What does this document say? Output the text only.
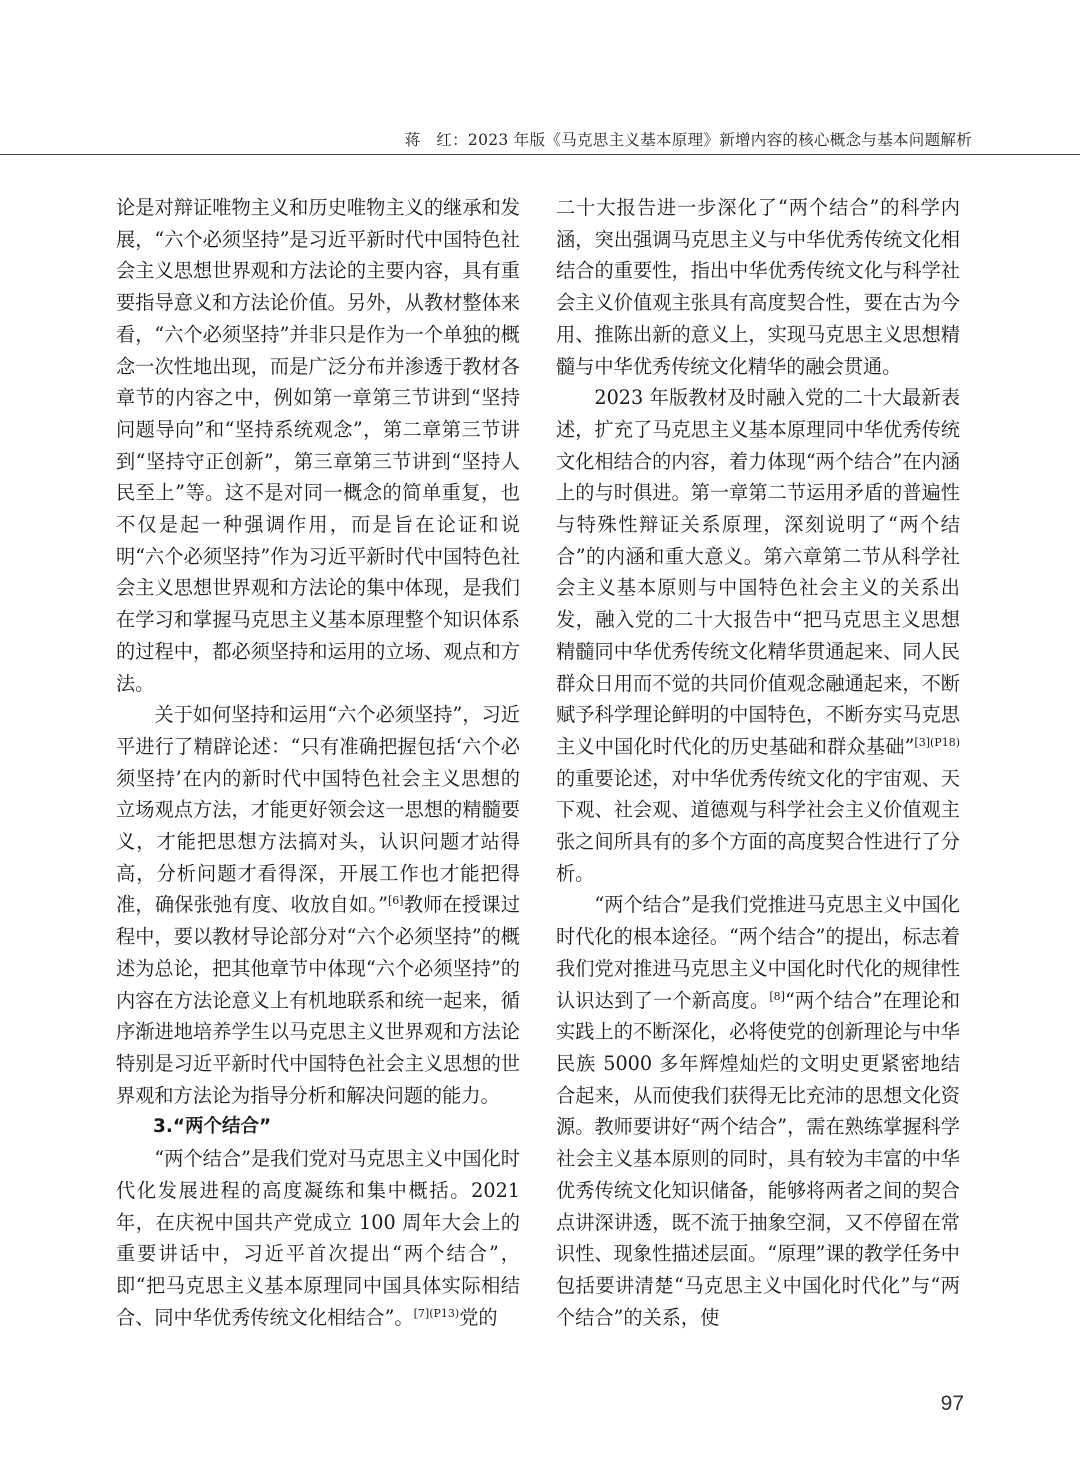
蒋　红：2023 年版《马克思主义基本原理》新增内容的核心概念与基本问题解析

论是对辩证唯物主义和历史唯物主义的继承和发展，“六个必须坚持”是习近平新时代中国特色社会主义思想世界观和方法论的主要内容，具有重要指导意义和方法论价值。另外，从教材整体来看，“六个必须坚持”并非只是作为一个单独的概念一次性地出现，而是广泛分布并渗透于教材各章节的内容之中，例如第一章第三节讲到“坚持问题导向”和“坚持系统观念”，第二章第三节讲到“坚持守正创新”，第三章第三节讲到“坚持人民至上”等。这不是对同一概念的简单重复，也不仅是起一种强调作用，而是旨在论证和说明“六个必须坚持”作为习近平新时代中国特色社会主义思想世界观和方法论的集中体现，是我们在学习和掌握马克思主义基本原理整个知识体系的过程中，都必须坚持和运用的立场、观点和方法。

关于如何坚持和运用“六个必须坚持”，习近平进行了精辟论述：“只有准确把握包括‘六个必须坚持’在内的新时代中国特色社会主义思想的立场观点方法，才能更好领会这一思想的精髓要义，才能把思想方法搞对头，认识问题才站得高，分析问题才看得深，开展工作也才能把得准，确保张弛有度、收放自如。”[6]教师在授课过程中，要以教材导论部分对“六个必须坚持”的概述为总论，把其他章节中体现“六个必须坚持”的内容在方法论意义上有机地联系和统一起来，循序渐进地培养学生以马克思主义世界观和方法论特别是习近平新时代中国特色社会主义思想的世界观和方法论为指导分析和解决问题的能力。

3.“两个结合”

“两个结合”是我们党对马克思主义中国化时代化发展进程的高度凝练和集中概括。2021 年，在庆祝中国共产党成立 100 周年大会上的重要讲话中，习近平首次提出“两个结合”，即“把马克思主义基本原理同中国具体实际相结合、同中华优秀传统文化相结合”。$^{[7](P13)}$党的

二十大报告进一步深化了“两个结合”的科学内涵，突出强调马克思主义与中华优秀传统文化相结合的重要性，指出中华优秀传统文化与科学社会主义价值观主张具有高度契合性，要在古为今用、推陈出新的意义上，实现马克思主义思想精髓与中华优秀传统文化精华的融会贯通。

2023 年版教材及时融入党的二十大最新表述，扩充了马克思主义基本原理同中华优秀传统文化相结合的内容，着力体现“两个结合”在内涵上的与时俱进。第一章第二节运用矛盾的普遍性与特殊性辩证关系原理，深刻说明了“两个结合”的内涵和重大意义。第六章第二节从科学社会主义基本原则与中国特色社会主义的关系出发，融入党的二十大报告中“把马克思主义思想精髓同中华优秀传统文化精华贯通起来、同人民群众日用而不觉的共同价值观念融通起来，不断赋予科学理论鲜明的中国特色，不断夯实马克思主义中国化时代化的历史基础和群众基础”$^{[3](P18)}$的重要论述，对中华优秀传统文化的宇宙观、天下观、社会观、道德观与科学社会主义价值观主张之间所具有的多个方面的高度契合性进行了分析。

“两个结合”是我们党推进马克思主义中国化时代化的根本途径。“两个结合”的提出，标志着我们党对推进马克思主义中国化时代化的规律性认识达到了一个新高度。[8]“两个结合”在理论和实践上的不断深化，必将使党的创新理论与中华民族 5000 多年辉煌灿烂的文明史更紧密地结合起来，从而使我们获得无比充沛的思想文化资源。教师要讲好“两个结合”，需在熟练掌握科学社会主义基本原则的同时，具有较为丰富的中华优秀传统文化知识储备，能够将两者之间的契合点讲深讲透，既不流于抽象空洞，又不停留在常识性、现象性描述层面。“原理”课的教学任务中包括要讲清楚“马克思主义中国化时代化”与“两个结合”的关系，使

97
